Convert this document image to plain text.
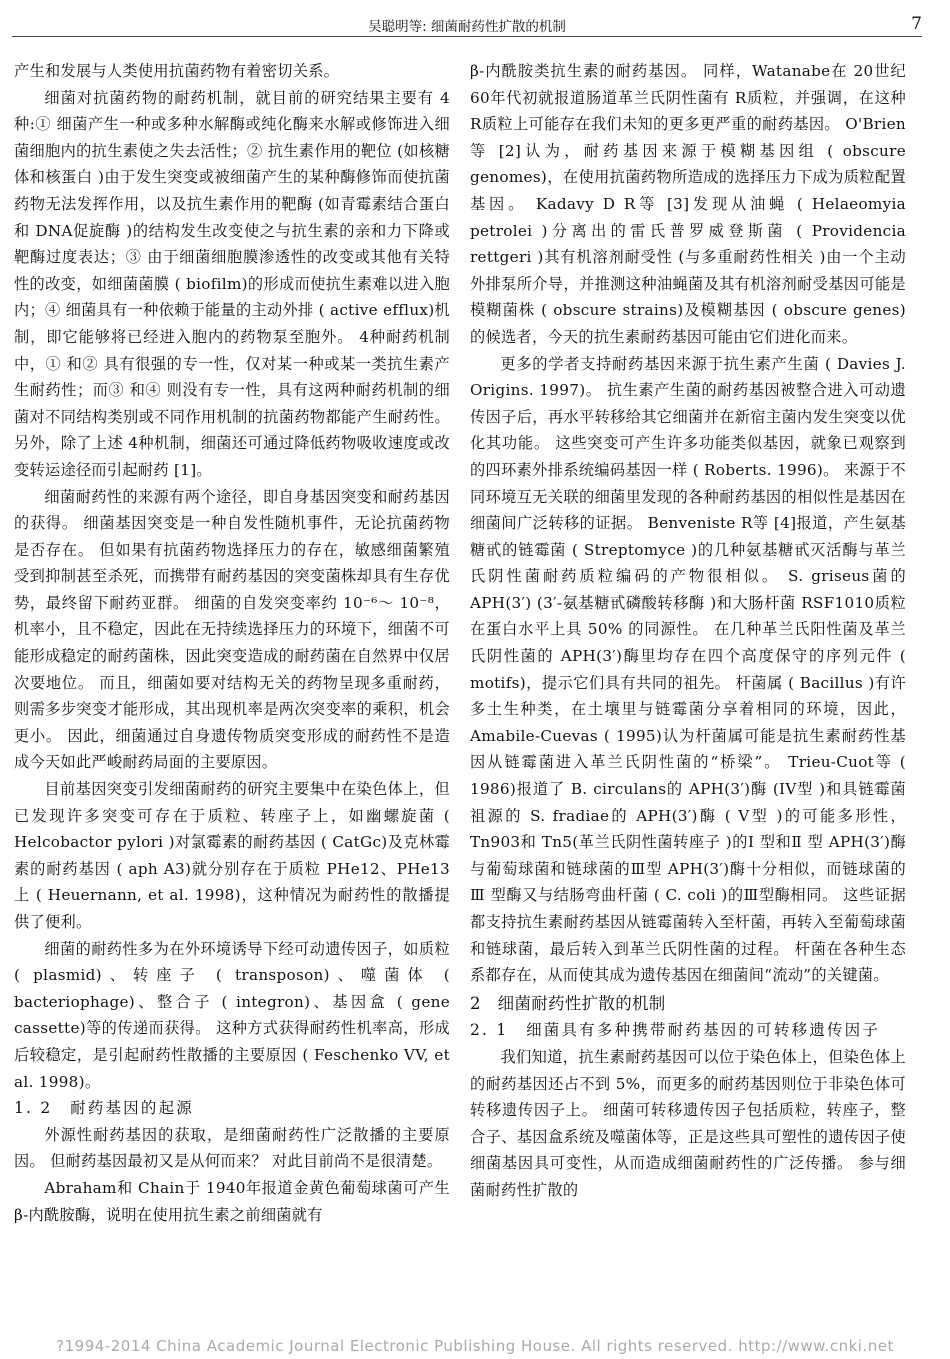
吴聪明等: 细菌耐药性扩散的机制	7

产生和发展与人类使用抗菌药物有着密切关系。

细菌对抗菌药物的耐药机制，就目前的研究结果主要有 4种:① 细菌产生一种或多种水解酶或纯化酶来水解或修饰进入细菌细胞内的抗生素使之失去活性；② 抗生素作用的靶位 (如核糖体和核蛋白 )由于发生突变或被细菌产生的某种酶修饰而使抗菌药物无法发挥作用，以及抗生素作用的靶酶 (如青霉素结合蛋白和 DNA促旋酶 )的结构发生改变使之与抗生素的亲和力下降或靶酶过度表达；③ 由于细菌细胞膜渗透性的改变或其他有关特性的改变，如细菌菌膜 ( biofilm)的形成而使抗生素难以进入胞内；④ 细菌具有一种依赖于能量的主动外排 ( active efflux)机制，即它能够将已经进入胞内的药物泵至胞外。 4种耐药机制中，① 和② 具有很强的专一性，仅对某一种或某一类抗生素产生耐药性；而③ 和④ 则没有专一性，具有这两种耐药机制的细菌对不同结构类别或不同作用机制的抗菌药物都能产生耐药性。 另外，除了上述 4种机制，细菌还可通过降低药物吸收速度或改变转运途径而引起耐药 [1]。

细菌耐药性的来源有两个途径，即自身基因突变和耐药基因的获得。 细菌基因突变是一种自发性随机事件，无论抗菌药物是否存在。 但如果有抗菌药物选择压力的存在，敏感细菌繁殖受到抑制甚至杀死，而携带有耐药基因的突变菌株却具有生存优势，最终留下耐药亚群。 细菌的自发突变率约 10⁻⁶～ 10⁻⁸，机率小，且不稳定，因此在无持续选择压力的环境下，细菌不可能形成稳定的耐药菌株，因此突变造成的耐药菌在自然界中仅居次要地位。 而且，细菌如要对结构无关的药物呈现多重耐药，则需多步突变才能形成，其出现机率是两次突变率的乘积，机会更小。 因此，细菌通过自身遗传物质突变形成的耐药性不是造成今天如此严峻耐药局面的主要原因。

目前基因突变引发细菌耐药的研究主要集中在染色体上，但已发现许多突变可存在于质粒、转座子上，如幽螺旋菌 ( Helcobactor pylori )对氯霉素的耐药基因 ( CatGc)及克林霉素的耐药基因 ( aph A3)就分别存在于质粒 PHe12、PHe13上 ( Heuernann, et al. 1998)，这种情况为耐药性的散播提供了便利。

细菌的耐药性多为在外环境诱导下经可动遗传因子，如质粒 ( plasmid)、转座子 ( transposon)、噬菌体 ( bacteriophage)、整合子 ( integron)、基因盒 ( gene cassette)等的传递而获得。 这种方式获得耐药性机率高，形成后较稳定，是引起耐药性散播的主要原因 ( Feschenko VV, et al. 1998)。

1. 2　耐药基因的起源

外源性耐药基因的获取，是细菌耐药性广泛散播的主要原因。 但耐药基因最初又是从何而来？ 对此目前尚不是很清楚。

Abraham和 Chain于 1940年报道金黄色葡萄球菌可产生β-内酰胺酶，说明在使用抗生素之前细菌就有

β-内酰胺类抗生素的耐药基因。 同样，Watanabe在 20世纪 60年代初就报道肠道革兰氏阴性菌有 R质粒，并强调，在这种 R质粒上可能存在我们未知的更多更严重的耐药基因。 O'Brien等 [2]认为，耐药基因来源于模糊基因组 ( obscure genomes)，在使用抗菌药物所造成的选择压力下成为质粒配置基因。 Kadavy D R等 [3]发现从油蝇 ( Helaeomyia petrolei )分离出的雷氏普罗威登斯菌 ( Providencia rettgeri )其有机溶剂耐受性 (与多重耐药性相关 )由一个主动外排泵所介导，并推测这种油蝇菌及其有机溶剂耐受基因可能是模糊菌株 ( obscure strains)及模糊基因 ( obscure genes)的候选者，今天的抗生素耐药基因可能由它们进化而来。

更多的学者支持耐药基因来源于抗生素产生菌 ( Davies J. Origins. 1997)。 抗生素产生菌的耐药基因被整合进入可动遗传因子后，再水平转移给其它细菌并在新宿主菌内发生突变以优化其功能。 这些突变可产生许多功能类似基因，就象已观察到的四环素外排系统编码基因一样 ( Roberts. 1996)。 来源于不同环境互无关联的细菌里发现的各种耐药基因的相似性是基因在细菌间广泛转移的证据。 Benveniste R等 [4]报道，产生氨基糖甙的链霉菌 ( Streptomyce )的几种氨基糖甙灭活酶与革兰氏阴性菌耐药质粒编码的产物很相似。 S. griseus菌的 APH(3′) (3′-氨基糖甙磷酸转移酶 )和大肠杆菌 RSF1010质粒在蛋白水平上具 50% 的同源性。 在几种革兰氏阳性菌及革兰氏阴性菌的 APH(3′)酶里均存在四个高度保守的序列元件 ( motifs)，提示它们具有共同的祖先。 杆菌属 ( Bacillus )有许多土生种类，在土壤里与链霉菌分享着相同的环境，因此，Amabile-Cuevas ( 1995)认为杆菌属可能是抗生素耐药性基因从链霉菌进入革兰氏阴性菌的“桥梁”。 Trieu-Cuot等 ( 1986)报道了 B. circulans的 APH(3′)酶 (IV型 )和具链霉菌祖源的 S. fradiae的 APH(3′)酶 ( V型 )的可能多形性，Tn903和 Tn5(革兰氏阴性菌转座子 )的Ⅰ 型和Ⅱ 型 APH(3′)酶与葡萄球菌和链球菌的Ⅲ型 APH(3′)酶十分相似，而链球菌的Ⅲ 型酶又与结肠弯曲杆菌 ( C. coli )的Ⅲ型酶相同。 这些证据都支持抗生素耐药基因从链霉菌转入至杆菌，再转入至葡萄球菌和链球菌，最后转入到革兰氏阴性菌的过程。 杆菌在各种生态系都存在，从而使其成为遗传基因在细菌间“流动”的关键菌。

2　细菌耐药性扩散的机制

2. 1　细菌具有多种携带耐药基因的可转移遗传因子

我们知道，抗生素耐药基因可以位于染色体上，但染色体上的耐药基因还占不到 5%，而更多的耐药基因则位于非染色体可转移遗传因子上。 细菌可转移遗传因子包括质粒，转座子，整合子、基因盒系统及噬菌体等，正是这些具可塑性的遗传因子使细菌基因具可变性，从而造成细菌耐药性的广泛传播。 参与细菌耐药性扩散的

?1994-2014 China Academic Journal Electronic Publishing House. All rights reserved. http://www.cnki.net
